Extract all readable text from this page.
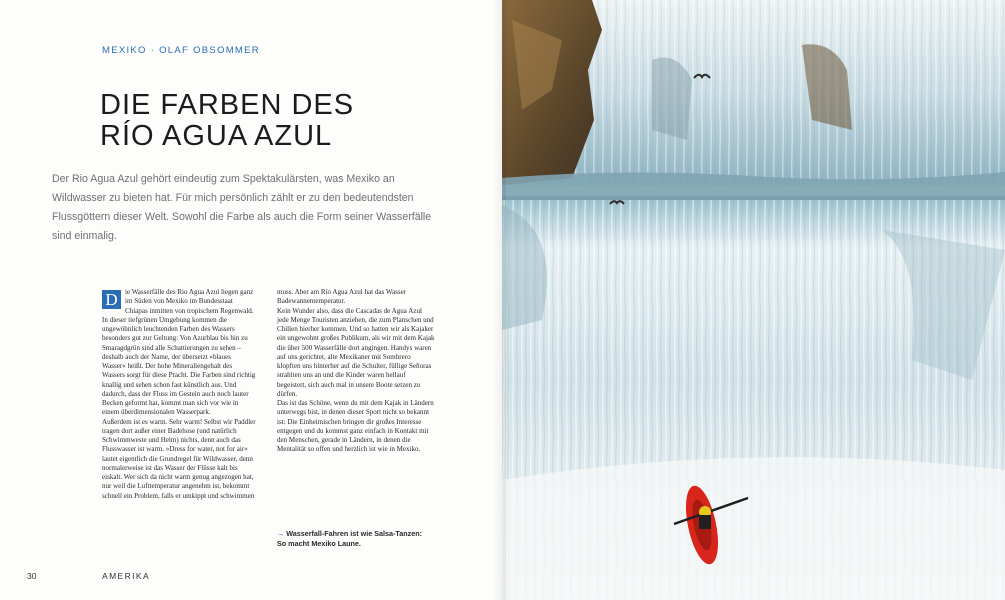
MEXIKO · OLAF OBSOMMER
DIE FARBEN DES
RÍO AGUA AZUL

Der Rio Agua Azul gehört eindeutig zum Spektakulärsten, was Mexiko an Wildwasser zu bieten hat. Für mich persönlich zählt er zu den bedeutendsten Flussgöttern dieser Welt. Sowohl die Farbe als auch die Form seiner Wasserfälle sind einmalig.

D	ie Wasserfälle des Rio Agua Azul liegen ganz im Süden von Mexiko im Bundesstaat Chiapas inmitten von tropischem Regenwald. In dieser tiefgrünen Umgebung kommen die ungewöhnlich leuchtenden Farben des Wassers besonders gut zur Geltung: Von Azurblau bis hin zu Smaragdgrün sind alle Schattierungen zu sehen – deshalb auch der Name, der übersetzt »blaues Wasser« heißt. Der hohe Mineraliengehalt des Wassers sorgt für diese Pracht. Die Farben sind richtig knallig und sehen schon fast künstlich aus. Und dadurch, dass der Fluss im Gestein auch noch lauter Becken geformt hat, kommt man sich vor wie in einem überdimensionalen Wasserpark.

Außerdem ist es warm. Sehr warm! Selbst wir Paddler tragen dort außer einer Badehose (und natürlich Schwimmweste und Helm) nichts, denn auch das Flusswasser ist warm. »Dress for water, not for air« lautet eigentlich die Grundregel für Wildwasser, denn normalerweise ist das Wasser der Flüsse kalt bis eiskalt. Wer sich da nicht warm genug angezogen hat, nur weil die Lufttemperatur angenehm ist, bekommt schnell ein Problem, falls er umkippt und schwimmen

muss. Aber am Río Agua Azul hat das Wasser Badewannentemperatur.

Kein Wunder also, dass die Cascadas de Agua Azul jede Menge Touristen anziehen, die zum Planschen und Chillen hierher kommen. Und so hatten wir als Kajaker ein ungewohnt großes Publikum, als wir mit dem Kajak die über 500 Wasserfälle dort angingen. Handys waren auf uns gerichtet, alte Mexikaner mit Sombrero klopften uns hinterher auf die Schulter, füllige Señoras strahlten uns an und die Kinder waren hellauf begeistert, sich auch mal in unsere Boote setzen zu dürfen.

Das ist das Schöne, wenn du mit dem Kajak in Ländern unterwegs bist, in denen dieser Sport nicht so bekannt ist: Die Einheimischen bringen dir großes Interesse entgegen und du kommst ganz einfach in Kontakt mit den Menschen, gerade in Ländern, in denen die Mentalität so offen und herzlich ist wie in Mexiko.

→ Wasserfall-Fahren ist wie Salsa-Tanzen: So macht Mexiko Laune.
30	AMERIKA
